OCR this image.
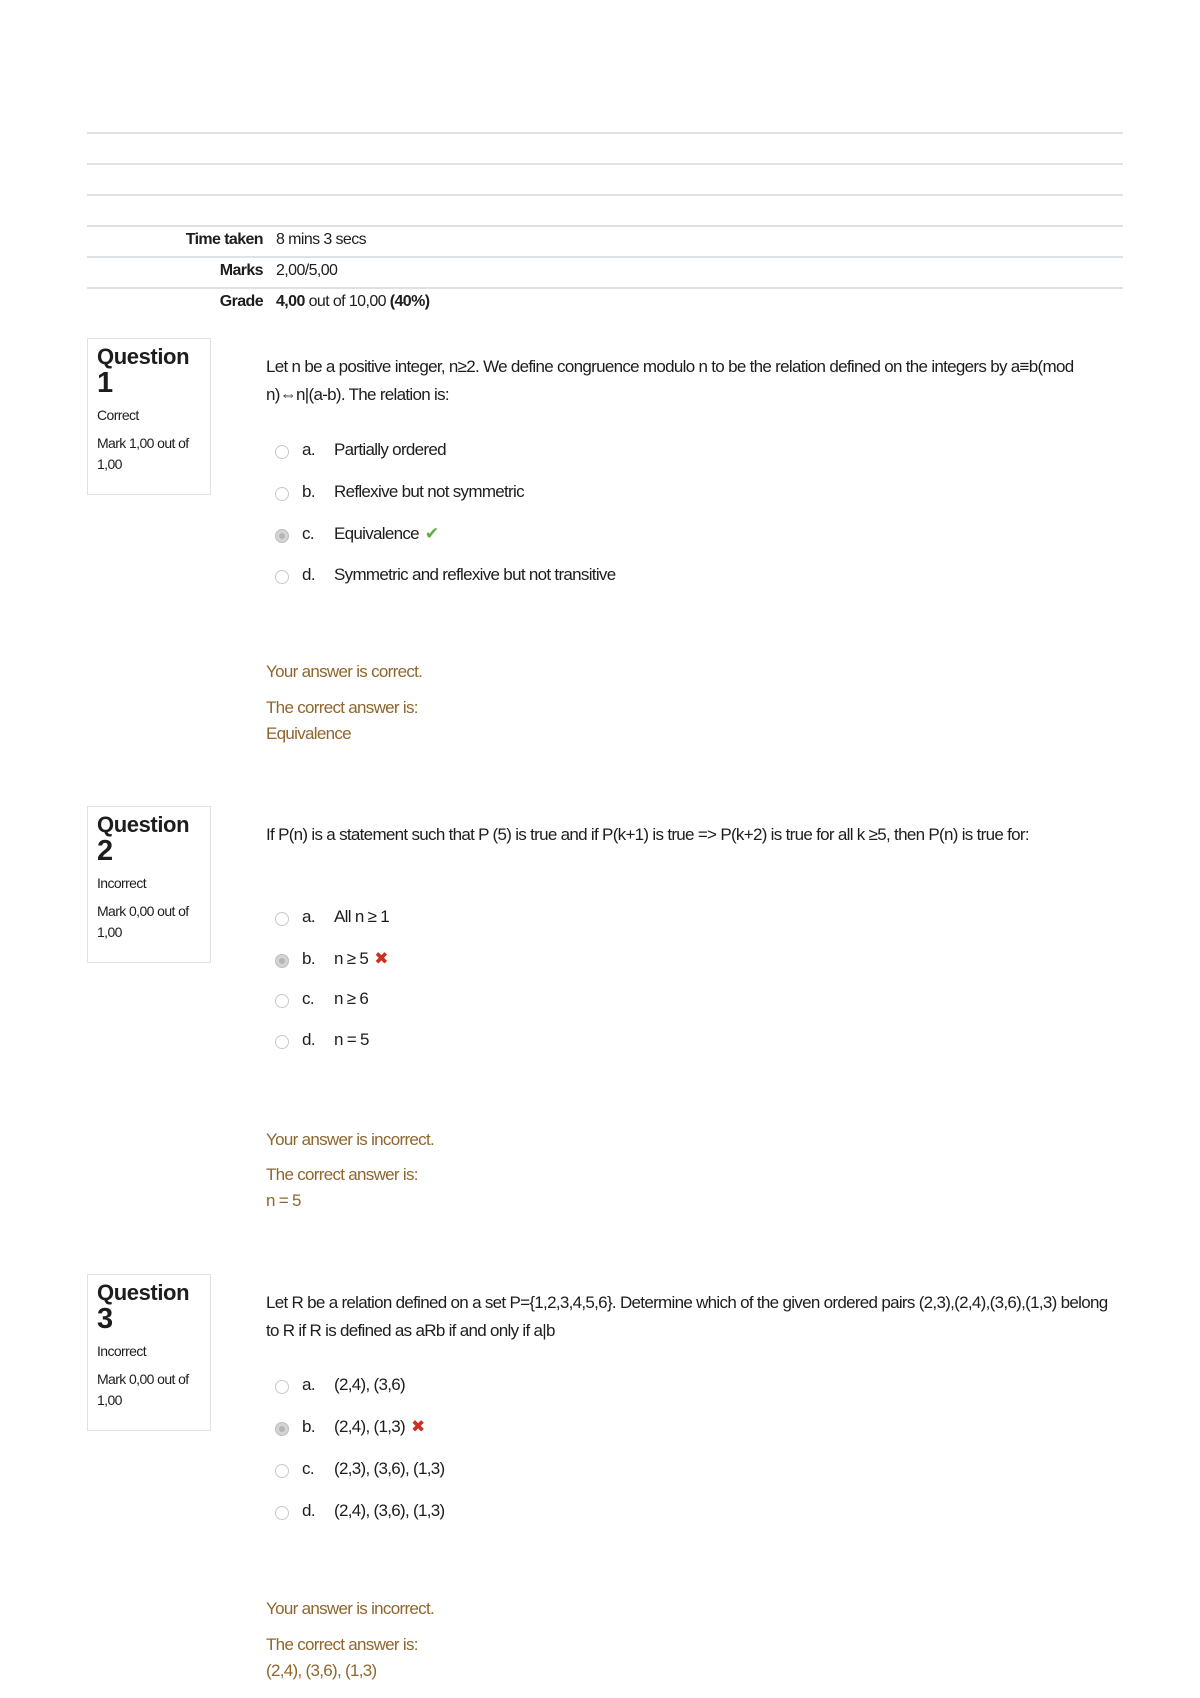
Time taken 8 mins 3 secs
Marks 2,00/5,00
Grade 4,00 out of 10,00 (40%)
Question
1
Correct
Mark 1,00 out of 1,00
Let n be a positive integer, n≥2. We define congruence modulo n to be the relation defined on the integers by a≡b(mod n)⇔n|(a-b). The relation is:
a. Partially ordered
b. Reflexive but not symmetric
c. Equivalence ✔
d. Symmetric and reflexive but not transitive
Your answer is correct.
The correct answer is:
Equivalence
Question
2
Incorrect
Mark 0,00 out of 1,00
If P(n) is a statement such that P (5) is true and if P(k+1) is true => P(k+2) is true for all k ≥5, then P(n) is true for:
a. All n ≥ 1
b. n ≥ 5 ✖
c. n ≥ 6
d. n = 5
Your answer is incorrect.
The correct answer is:
n = 5
Question
3
Incorrect
Mark 0,00 out of 1,00
Let R be a relation defined on a set P={1,2,3,4,5,6}. Determine which of the given ordered pairs (2,3),(2,4),(3,6),(1,3) belong to R if R is defined as aRb if and only if a|b
a. (2,4), (3,6)
b. (2,4), (1,3) ✖
c. (2,3), (3,6), (1,3)
d. (2,4), (3,6), (1,3)
Your answer is incorrect.
The correct answer is:
(2,4), (3,6), (1,3)
